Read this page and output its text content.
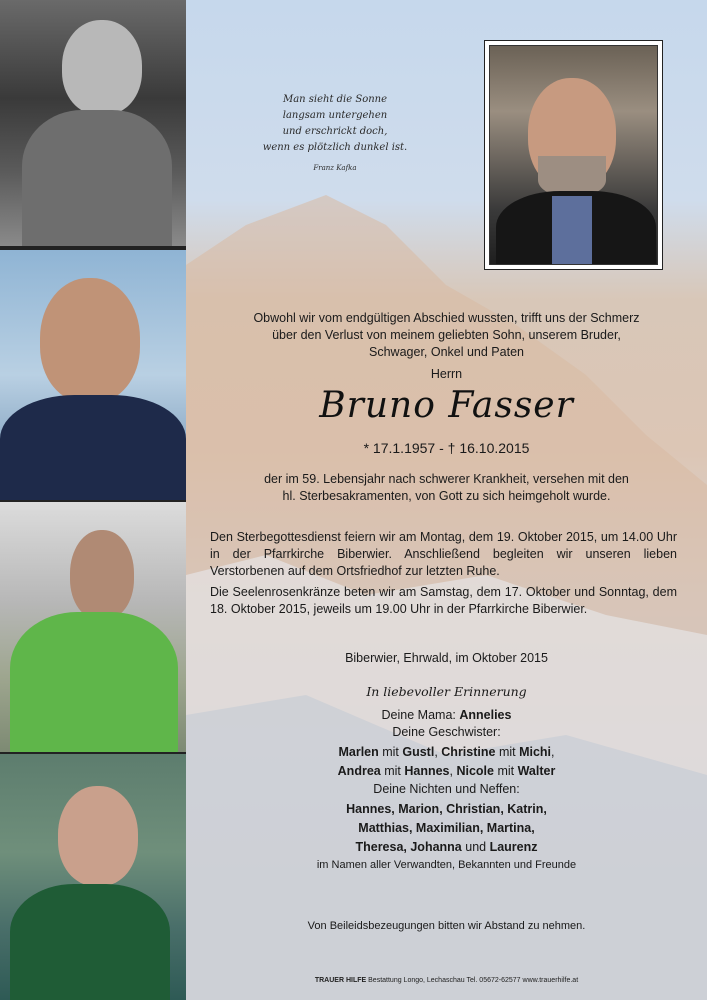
Man sieht die Sonne
langsam untergehen
und erschrickt doch,
wenn es plötzlich dunkel ist.
Franz Kafka
Obwohl wir vom endgültigen Abschied wussten, trifft uns der Schmerz
über den Verlust von meinem geliebten Sohn, unserem Bruder,
Schwager, Onkel und Paten
Herrn
Bruno Fasser
* 17.1.1957 - † 16.10.2015
der im 59. Lebensjahr nach schwerer Krankheit, versehen mit den
hl. Sterbesakramenten, von Gott zu sich heimgeholt wurde.
Den Sterbegottesdienst feiern wir am Montag, dem 19. Oktober 2015, um 14.00 Uhr in der Pfarrkirche Biberwier. Anschließend begleiten wir unseren lieben Verstorbenen auf dem Ortsfriedhof zur letzten Ruhe.
Die Seelenrosenkränze beten wir am Samstag, dem 17. Oktober und Sonntag, dem 18. Oktober 2015, jeweils um 19.00 Uhr in der Pfarrkirche Biberwier.
Biberwier, Ehrwald, im Oktober 2015
In liebevoller Erinnerung
Deine Mama: Annelies
Deine Geschwister:
Marlen mit Gustl, Christine mit Michi,
Andrea mit Hannes, Nicole mit Walter
Deine Nichten und Neffen:
Hannes, Marion, Christian, Katrin,
Matthias, Maximilian, Martina,
Theresa, Johanna und Laurenz
im Namen aller Verwandten, Bekannten und Freunde
Von Beileidsbezeugungen bitten wir Abstand zu nehmen.
TRAUER HILFE Bestattung Longo, Lechaschau Tel. 05672-62577 www.trauerhilfe.at
